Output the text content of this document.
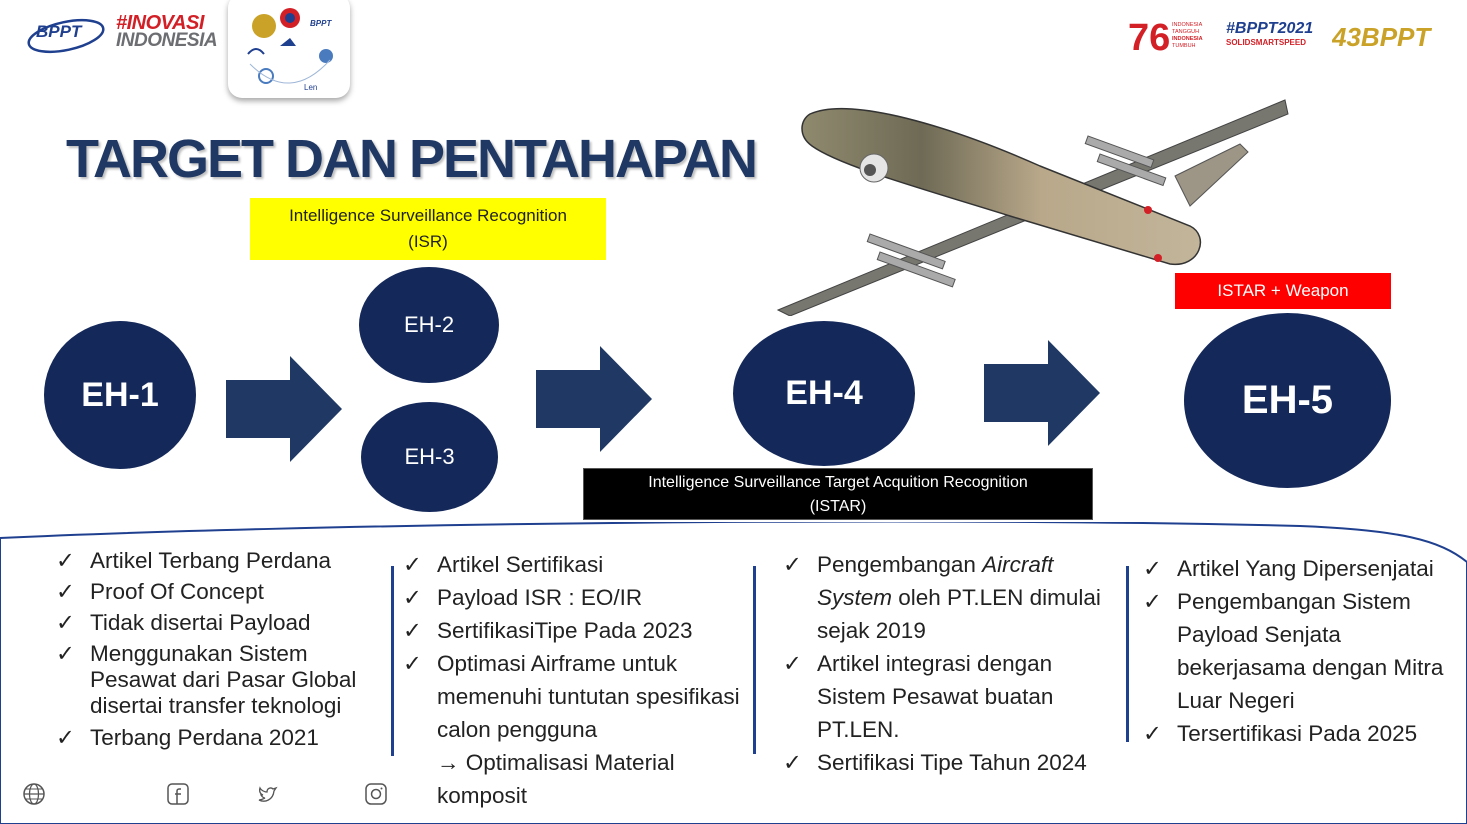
BPPT #INOVASI
INDONESIA
BPPT
Len
76 INDONESIA
TANGGUH
INDONESIA
TUMBUH
#BPPT2021
SOLIDSMARTSPEED 43BPPT
TARGET DAN PENTAHAPAN
Intelligence Surveillance Recognition
(ISR)
ISTAR + Weapon
EH-1
EH-2
EH-3
EH-4	EH-5
Intelligence Surveillance Target Acquition Recognition
(ISTAR)
✓ Artikel Terbang Perdana
✓ Proof Of Concept
✓ Tidak disertai Payload
✓ Menggunakan Sistem Pesawat dari Pasar Global disertai transfer teknologi
✓ Terbang Perdana 2021
✓ Artikel Sertifikasi
✓ Payload ISR : EO/IR
✓ SertifikasiTipe Pada 2023
✓ Optimasi Airframe untuk memenuhi tuntutan spesifikasi calon pengguna
→ Optimalisasi Material komposit
✓ Pengembangan Aircraft System oleh PT.LEN dimulai sejak 2019
✓ Artikel integrasi dengan Sistem Pesawat buatan PT.LEN.
✓ Sertifikasi Tipe Tahun 2024
✓ Artikel Yang Dipersenjatai
✓ Pengembangan Sistem Payload Senjata bekerjasama dengan Mitra Luar Negeri
✓ Tersertifikasi Pada 2025
